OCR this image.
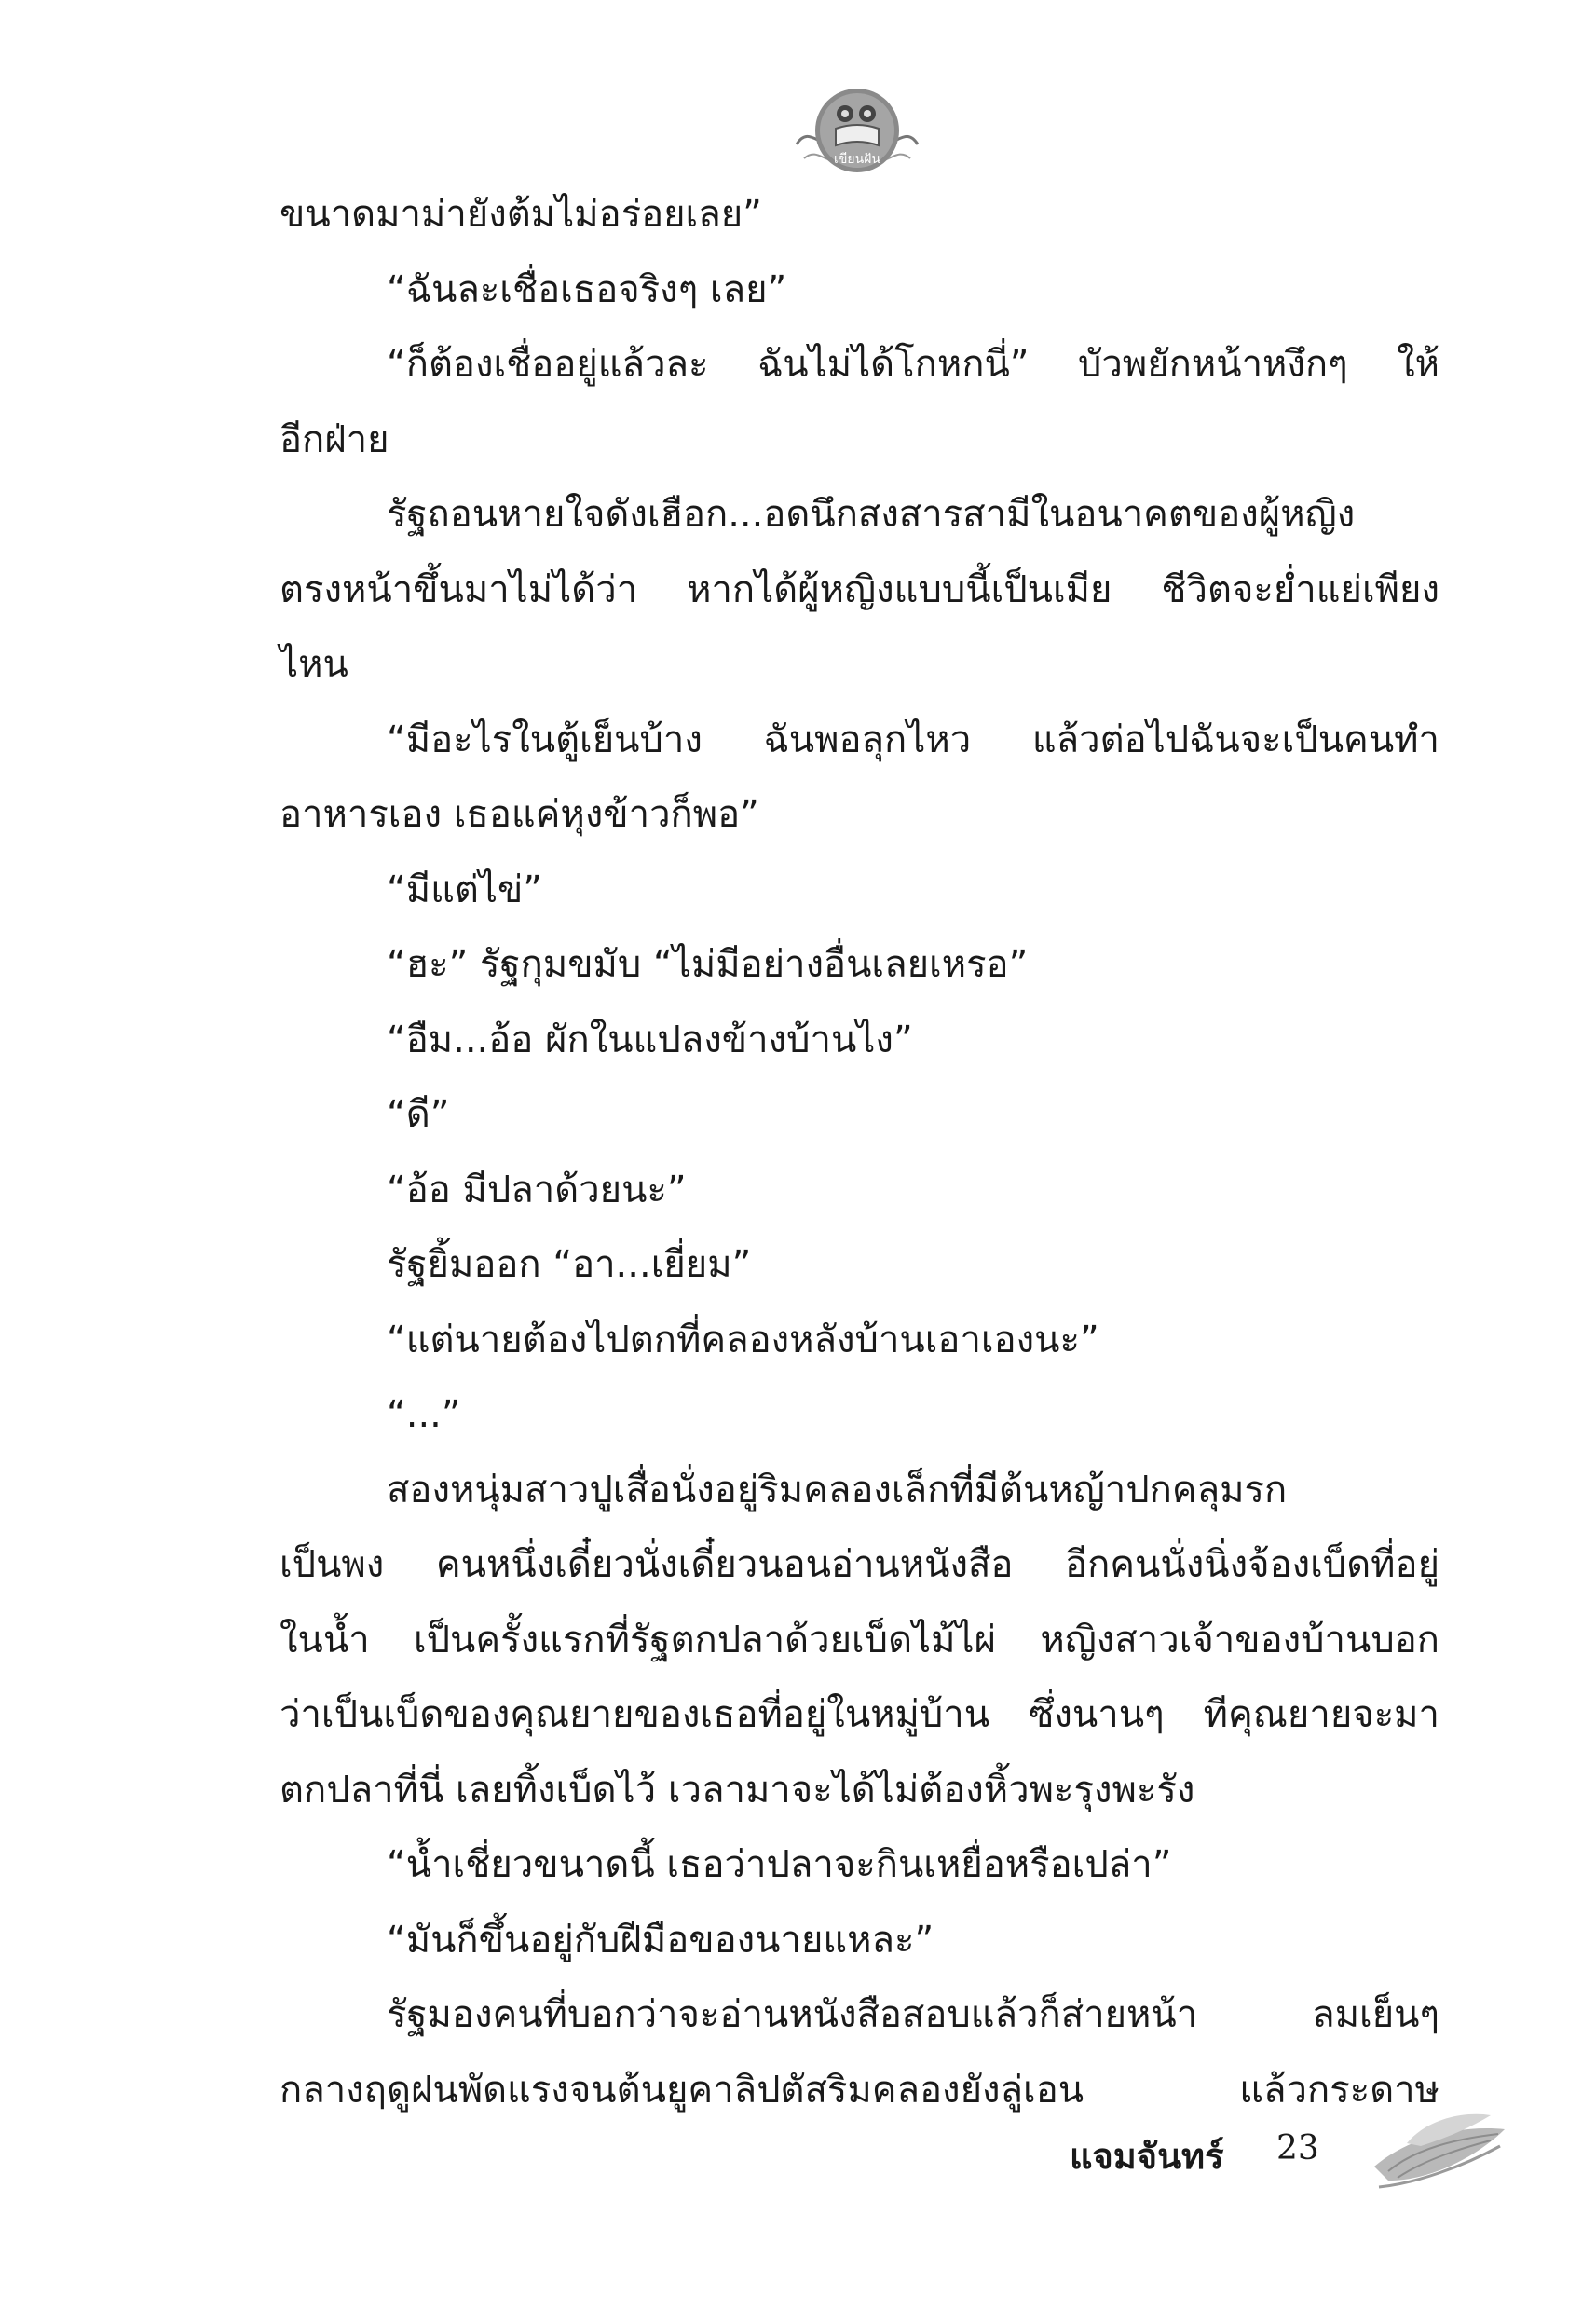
เขียนฝัน
ขนาดมาม่ายังต้มไม่อร่อยเลย”
“ฉันละเชื่อเธอจริงๆ เลย”
“ก็ต้องเชื่ออยู่แล้วละ ฉันไม่ได้โกหกนี่” บัวพยักหน้าหงึกๆ ให้
อีกฝ่าย
รัฐถอนหายใจดังเฮือก...อดนึกสงสารสามีในอนาคตของผู้หญิง
ตรงหน้าขึ้นมาไม่ได้ว่า หากได้ผู้หญิงแบบนี้เป็นเมีย ชีวิตจะย่ำแย่เพียง
ไหน
“มีอะไรในตู้เย็นบ้าง ฉันพอลุกไหว แล้วต่อไปฉันจะเป็นคนทำ
อาหารเอง เธอแค่หุงข้าวก็พอ”
“มีแต่ไข่”
“ฮะ” รัฐกุมขมับ “ไม่มีอย่างอื่นเลยเหรอ”
“อืม...อ้อ ผักในแปลงข้างบ้านไง”
“ดี”
“อ้อ มีปลาด้วยนะ”
รัฐยิ้มออก “อา...เยี่ยม”
“แต่นายต้องไปตกที่คลองหลังบ้านเอาเองนะ”
“...”
สองหนุ่มสาวปูเสื่อนั่งอยู่ริมคลองเล็กที่มีต้นหญ้าปกคลุมรก
เป็นพง คนหนึ่งเดี๋ยวนั่งเดี๋ยวนอนอ่านหนังสือ อีกคนนั่งนิ่งจ้องเบ็ดที่อยู่
ในน้ำ เป็นครั้งแรกที่รัฐตกปลาด้วยเบ็ดไม้ไผ่ หญิงสาวเจ้าของบ้านบอก
ว่าเป็นเบ็ดของคุณยายของเธอที่อยู่ในหมู่บ้าน ซึ่งนานๆ ทีคุณยายจะมา
ตกปลาที่นี่ เลยทิ้งเบ็ดไว้ เวลามาจะได้ไม่ต้องหิ้วพะรุงพะรัง
“น้ำเชี่ยวขนาดนี้ เธอว่าปลาจะกินเหยื่อหรือเปล่า”
“มันก็ขึ้นอยู่กับฝีมือของนายแหละ”
รัฐมองคนที่บอกว่าจะอ่านหนังสือสอบแล้วก็ส่ายหน้า ลมเย็นๆ
กลางฤดูฝนพัดแรงจนต้นยูคาลิปตัสริมคลองยังลู่เอน แล้วกระดาษ
แจมจันทร์ 23
